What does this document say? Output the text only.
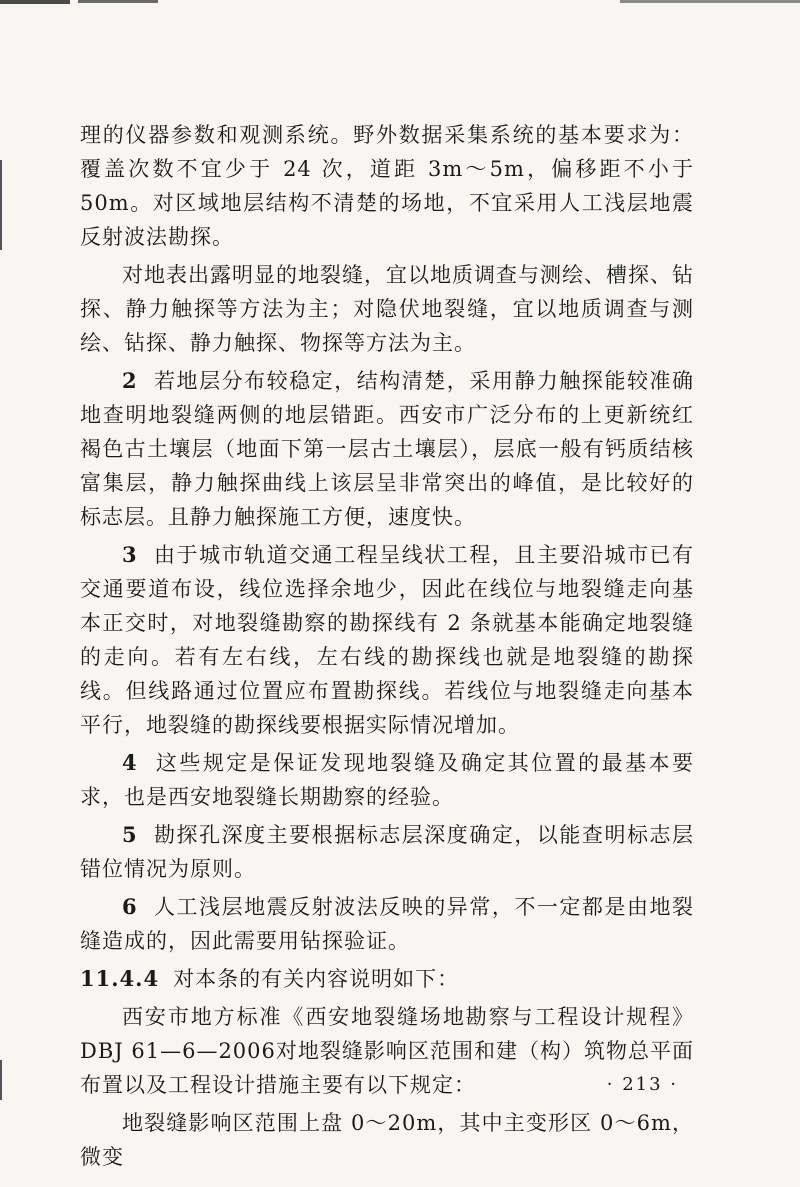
理的仪器参数和观测系统。野外数据采集系统的基本要求为：覆盖次数不宜少于 24 次，道距 3m～5m，偏移距不小于 50m。对区域地层结构不清楚的场地，不宜采用人工浅层地震反射波法勘探。

对地表出露明显的地裂缝，宜以地质调查与测绘、槽探、钻探、静力触探等方法为主；对隐伏地裂缝，宜以地质调查与测绘、钻探、静力触探、物探等方法为主。

2 若地层分布较稳定，结构清楚，采用静力触探能较准确地查明地裂缝两侧的地层错距。西安市广泛分布的上更新统红褐色古土壤层（地面下第一层古土壤层），层底一般有钙质结核富集层，静力触探曲线上该层呈非常突出的峰值，是比较好的标志层。且静力触探施工方便，速度快。

3 由于城市轨道交通工程呈线状工程，且主要沿城市已有交通要道布设，线位选择余地少，因此在线位与地裂缝走向基本正交时，对地裂缝勘察的勘探线有 2 条就基本能确定地裂缝的走向。若有左右线，左右线的勘探线也就是地裂缝的勘探线。但线路通过位置应布置勘探线。若线位与地裂缝走向基本平行，地裂缝的勘探线要根据实际情况增加。

4 这些规定是保证发现地裂缝及确定其位置的最基本要求，也是西安地裂缝长期勘察的经验。

5 勘探孔深度主要根据标志层深度确定，以能查明标志层错位情况为原则。

6 人工浅层地震反射波法反映的异常，不一定都是由地裂缝造成的，因此需要用钻探验证。

11.4.4 对本条的有关内容说明如下：

西安市地方标准《西安地裂缝场地勘察与工程设计规程》DBJ 61—6—2006对地裂缝影响区范围和建（构）筑物总平面布置以及工程设计措施主要有以下规定：

地裂缝影响区范围上盘 0～20m，其中主变形区 0～6m，微变

· 213 ·
